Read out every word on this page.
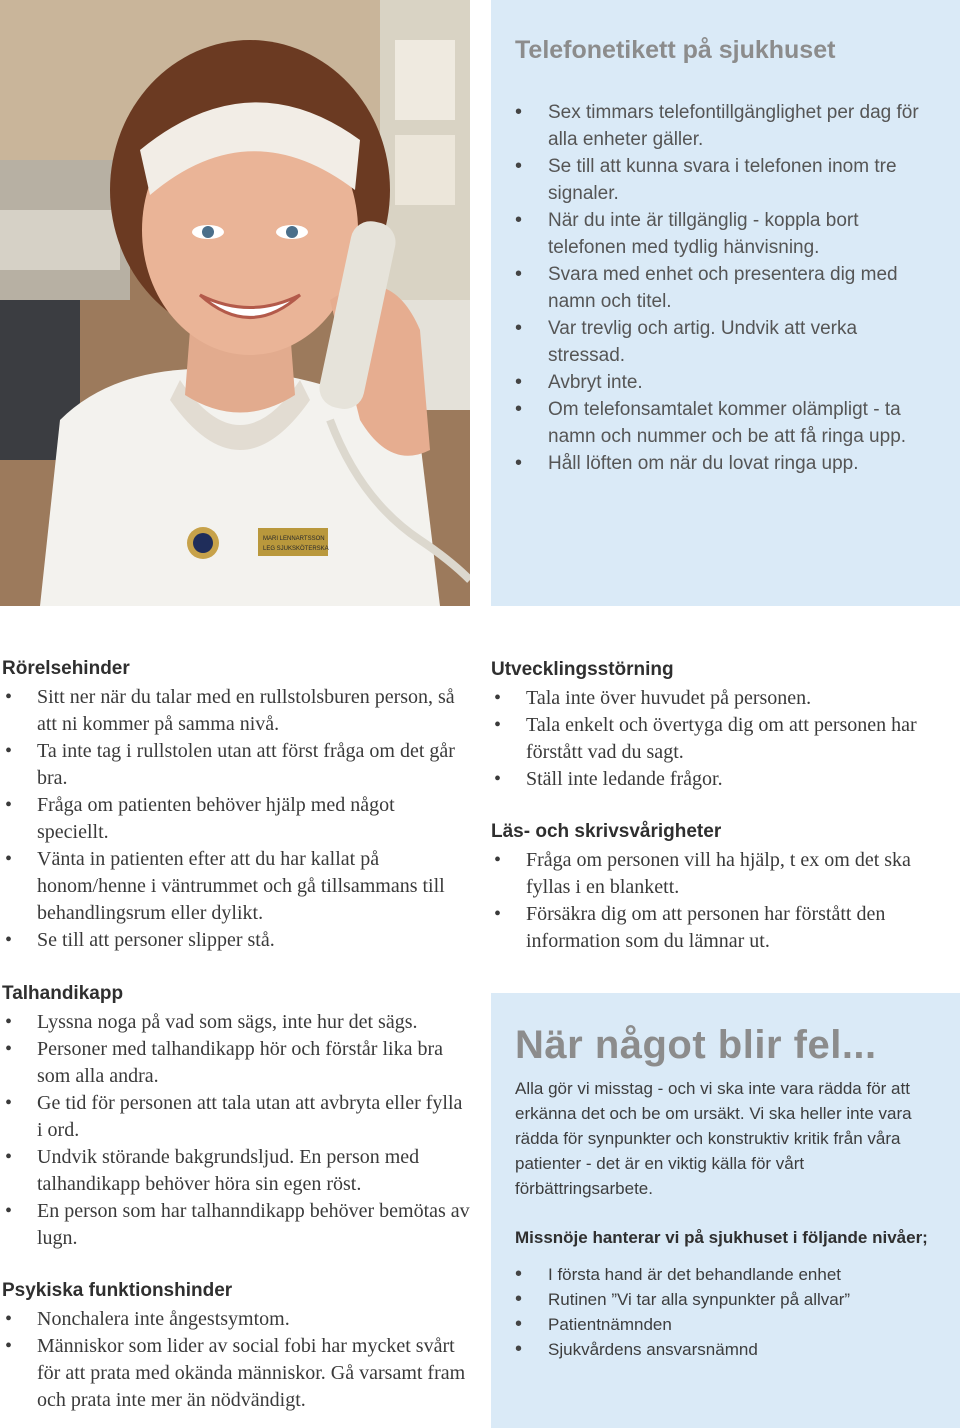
MARI LENNARTSSON
LEG SJUKSKÖTERSKA
Telefonetikett på sjukhuset
• Sex timmars telefontillgänglighet per dag för alla enheter gäller.
• Se till att kunna svara i telefonen inom tre signaler.
• När du inte är tillgänglig - koppla bort telefonen med tydlig hänvisning.
• Svara med enhet och presentera dig med namn och titel.
• Var trevlig och artig. Undvik att verka stressad.
• Avbryt inte.
• Om telefonsamtalet kommer olämpligt - ta namn och nummer och be att få ringa upp.
• Håll löften om när du lovat ringa upp.
Rörelsehinder
• Sitt ner när du talar med en rullstolsburen person, så att ni kommer på samma nivå.
• Ta inte tag i rullstolen utan att först fråga om det går bra.
• Fråga om patienten behöver hjälp med något speciellt.
• Vänta in patienten efter att du har kallat på honom/henne i väntrummet och gå tillsammans till behandlingsrum eller dylikt.
• Se till att personer slipper stå.
Talhandikapp
• Lyssna noga på vad som sägs, inte hur det sägs.
• Personer med talhandikapp hör och förstår lika bra som alla andra.
• Ge tid för personen att tala utan att avbryta eller fylla i ord.
• Undvik störande bakgrundsljud. En person med talhandikapp behöver höra sin egen röst.
• En person som har talhanndikapp behöver bemötas av lugn.
Psykiska funktionshinder
• Nonchalera inte ångestsymtom.
• Människor som lider av social fobi har mycket svårt för att prata med okända människor. Gå varsamt fram och prata inte mer än nödvändigt.
Utvecklingsstörning
• Tala inte över huvudet på personen.
• Tala enkelt och övertyga dig om att personen har förstått vad du sagt.
• Ställ inte ledande frågor.
Läs- och skrivsvårigheter
• Fråga om personen vill ha hjälp, t ex om det ska fyllas i en blankett.
• Försäkra dig om att personen har förstått den information som du lämnar ut.
När något blir fel...

Alla gör vi misstag - och vi ska inte vara rädda för att erkänna det och be om ursäkt. Vi ska heller inte vara rädda för synpunkter och konstruktiv kritik från våra patienter - det är en viktig källa för vårt förbättringsarbete.

Missnöje hanterar vi på sjukhuset i följande nivåer;
• I första hand är det behandlande enhet
• Rutinen ”Vi tar alla synpunkter på allvar”
• Patientnämnden
• Sjukvårdens ansvarsnämnd
